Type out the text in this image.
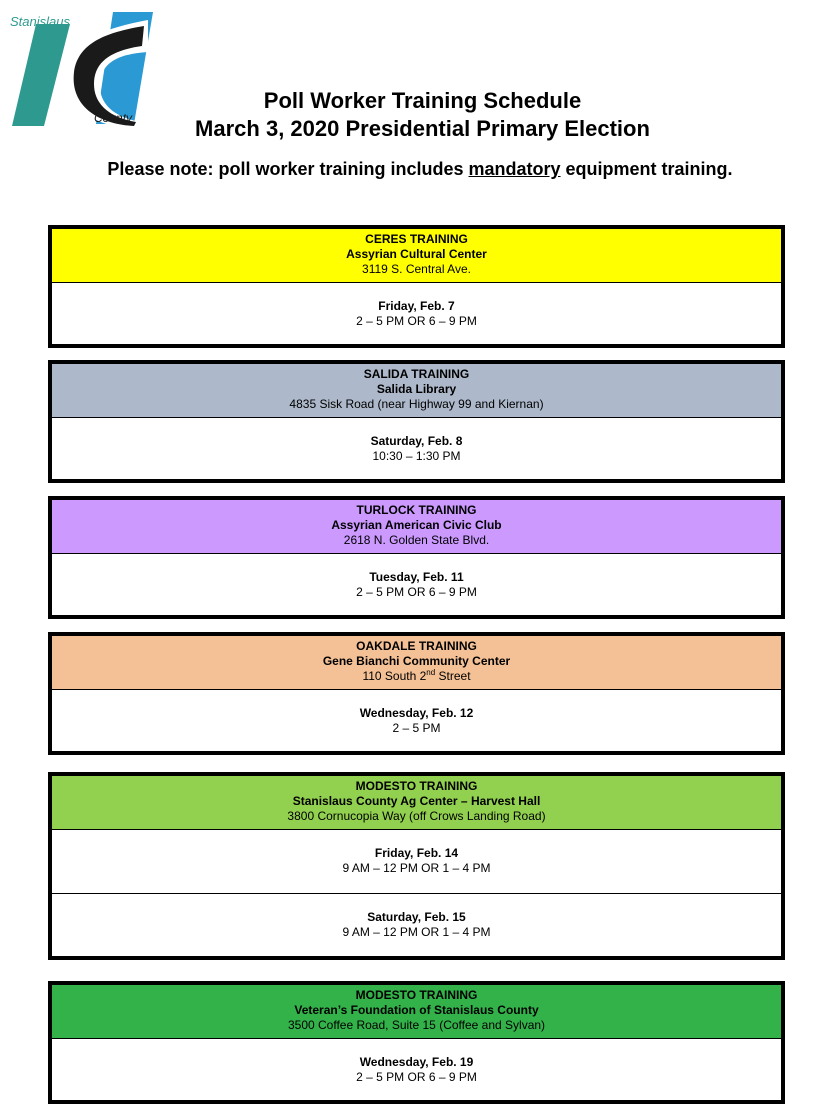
Stanislaus
County
Poll Worker Training Schedule
March 3, 2020 Presidential Primary Election
Please note: poll worker training includes mandatory equipment training.
CERES TRAINING
Assyrian Cultural Center
3119 S. Central Ave.
Friday, Feb. 7
2 – 5 PM OR 6 – 9 PM
SALIDA TRAINING
Salida Library
4835 Sisk Road (near Highway 99 and Kiernan)
Saturday, Feb. 8
10:30 – 1:30 PM
TURLOCK TRAINING
Assyrian American Civic Club
2618 N. Golden State Blvd.
Tuesday, Feb. 11
2 – 5 PM OR 6 – 9 PM
OAKDALE TRAINING
Gene Bianchi Community Center
110 South 2nd Street
Wednesday, Feb. 12
2 – 5 PM
MODESTO TRAINING
Stanislaus County Ag Center – Harvest Hall
3800 Cornucopia Way (off Crows Landing Road)
Friday, Feb. 14
9 AM – 12 PM OR 1 – 4 PM
Saturday, Feb. 15
9 AM – 12 PM OR 1 – 4 PM
MODESTO TRAINING
Veteran’s Foundation of Stanislaus County
3500 Coffee Road, Suite 15 (Coffee and Sylvan)
Wednesday, Feb. 19
2 – 5 PM OR 6 – 9 PM
